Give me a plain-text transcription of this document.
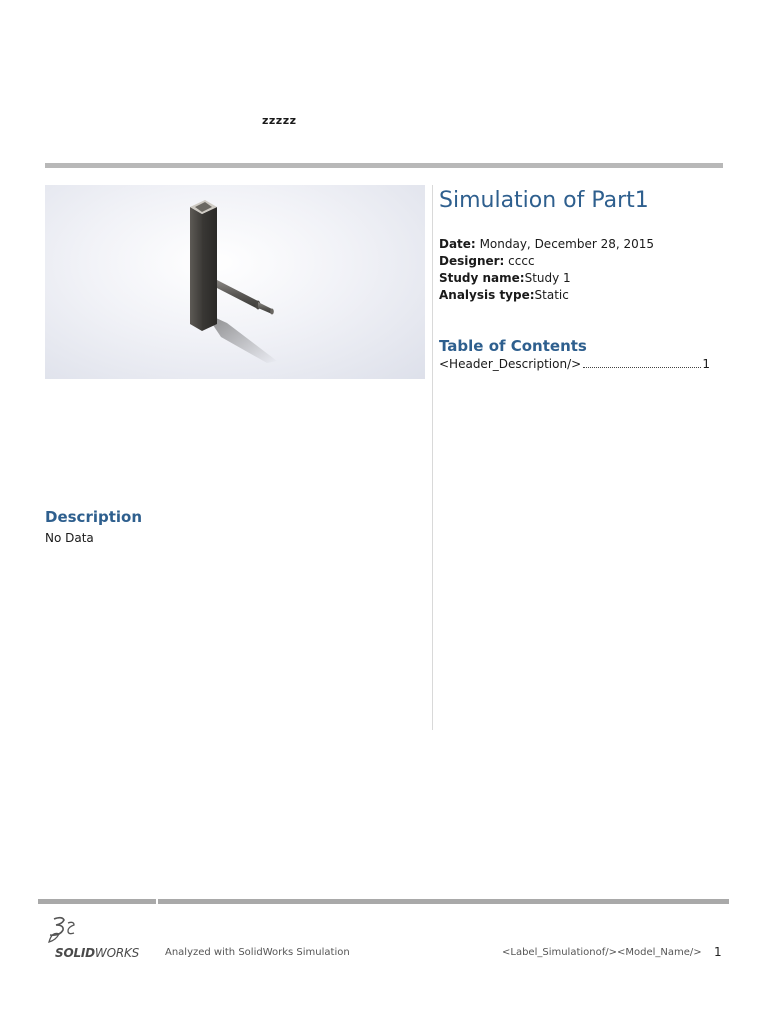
zzzzz
Simulation of Part1
Date: Monday, December 28, 2015
Designer: cccc
Study name:Study 1
Analysis type:Static
Table of Contents
<Header_Description/>	1
Description
No Data
SOLIDWORKS	Analyzed with SolidWorks Simulation	<Label_Simulationof/><Model_Name/> 1
